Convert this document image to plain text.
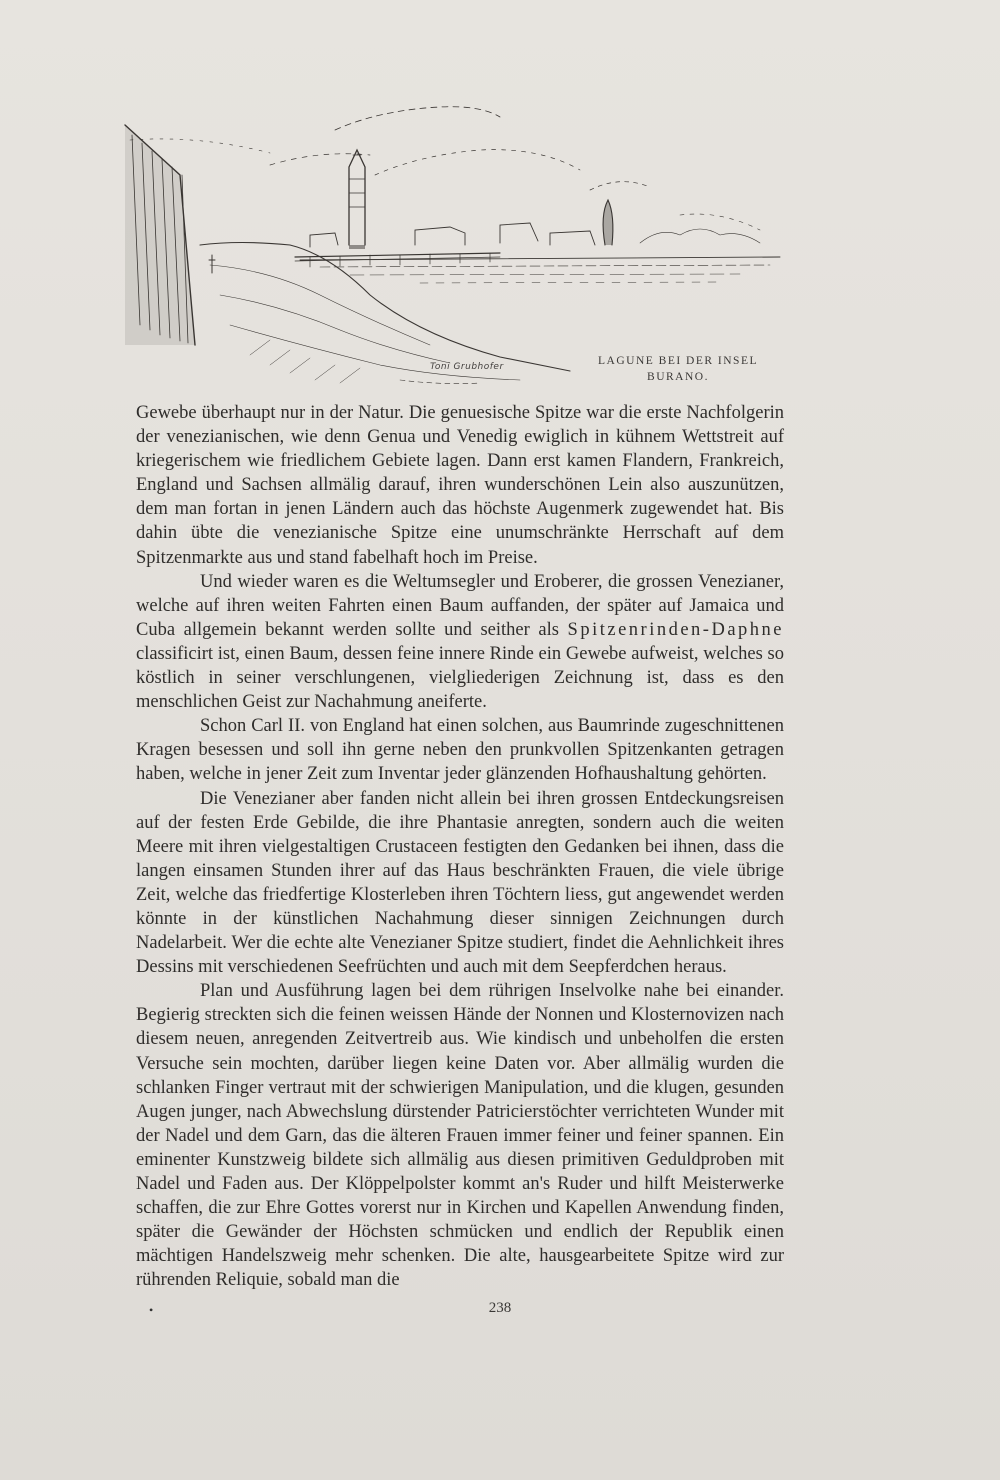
Toni Grubhofer	LAGUNE BEI DER INSEL
BURANO.

Gewebe überhaupt nur in der Natur. Die genuesische Spitze war die erste Nachfolgerin der venezianischen, wie denn Genua und Venedig ewiglich in kühnem Wettstreit auf kriegerischem wie friedlichem Gebiete lagen. Dann erst kamen Flandern, Frankreich, England und Sachsen allmälig darauf, ihren wunderschönen Lein also auszunützen, dem man fortan in jenen Ländern auch das höchste Augenmerk zugewendet hat. Bis dahin übte die venezianische Spitze eine unumschränkte Herrschaft auf dem Spitzenmarkte aus und stand fabelhaft hoch im Preise.

Und wieder waren es die Weltumsegler und Eroberer, die grossen Venezianer, welche auf ihren weiten Fahrten einen Baum auffanden, der später auf Jamaica und Cuba allgemein bekannt werden sollte und seither als Spitzenrinden-Daphne classificirt ist, einen Baum, dessen feine innere Rinde ein Gewebe aufweist, welches so köstlich in seiner verschlungenen, vielgliederigen Zeichnung ist, dass es den menschlichen Geist zur Nachahmung aneiferte.

Schon Carl II. von England hat einen solchen, aus Baumrinde zugeschnittenen Kragen besessen und soll ihn gerne neben den prunkvollen Spitzenkanten getragen haben, welche in jener Zeit zum Inventar jeder glänzenden Hofhaushaltung gehörten.

Die Venezianer aber fanden nicht allein bei ihren grossen Entdeckungsreisen auf der festen Erde Gebilde, die ihre Phantasie anregten, sondern auch die weiten Meere mit ihren vielgestaltigen Crustaceen festigten den Gedanken bei ihnen, dass die langen einsamen Stunden ihrer auf das Haus beschränkten Frauen, die viele übrige Zeit, welche das friedfertige Klosterleben ihren Töchtern liess, gut angewendet werden könnte in der künstlichen Nachahmung dieser sinnigen Zeichnungen durch Nadelarbeit. Wer die echte alte Venezianer Spitze studiert, findet die Aehnlichkeit ihres Dessins mit verschiedenen Seefrüchten und auch mit dem Seepferdchen heraus.

Plan und Ausführung lagen bei dem rührigen Inselvolke nahe bei einander. Begierig streckten sich die feinen weissen Hände der Nonnen und Klosternovizen nach diesem neuen, anregenden Zeitvertreib aus. Wie kindisch und unbeholfen die ersten Versuche sein mochten, darüber liegen keine Daten vor. Aber allmälig wurden die schlanken Finger vertraut mit der schwierigen Manipulation, und die klugen, gesunden Augen junger, nach Abwechslung dürstender Patricierstöchter verrichteten Wunder mit der Nadel und dem Garn, das die älteren Frauen immer feiner und feiner spannen. Ein eminenter Kunstzweig bildete sich allmälig aus diesen primitiven Geduldproben mit Nadel und Faden aus. Der Klöppelpolster kommt an's Ruder und hilft Meisterwerke schaffen, die zur Ehre Gottes vorerst nur in Kirchen und Kapellen Anwendung finden, später die Gewänder der Höchsten schmücken und endlich der Republik einen mächtigen Handelszweig mehr schenken. Die alte, hausgearbeitete Spitze wird zur rührenden Reliquie, sobald man die

•	238
